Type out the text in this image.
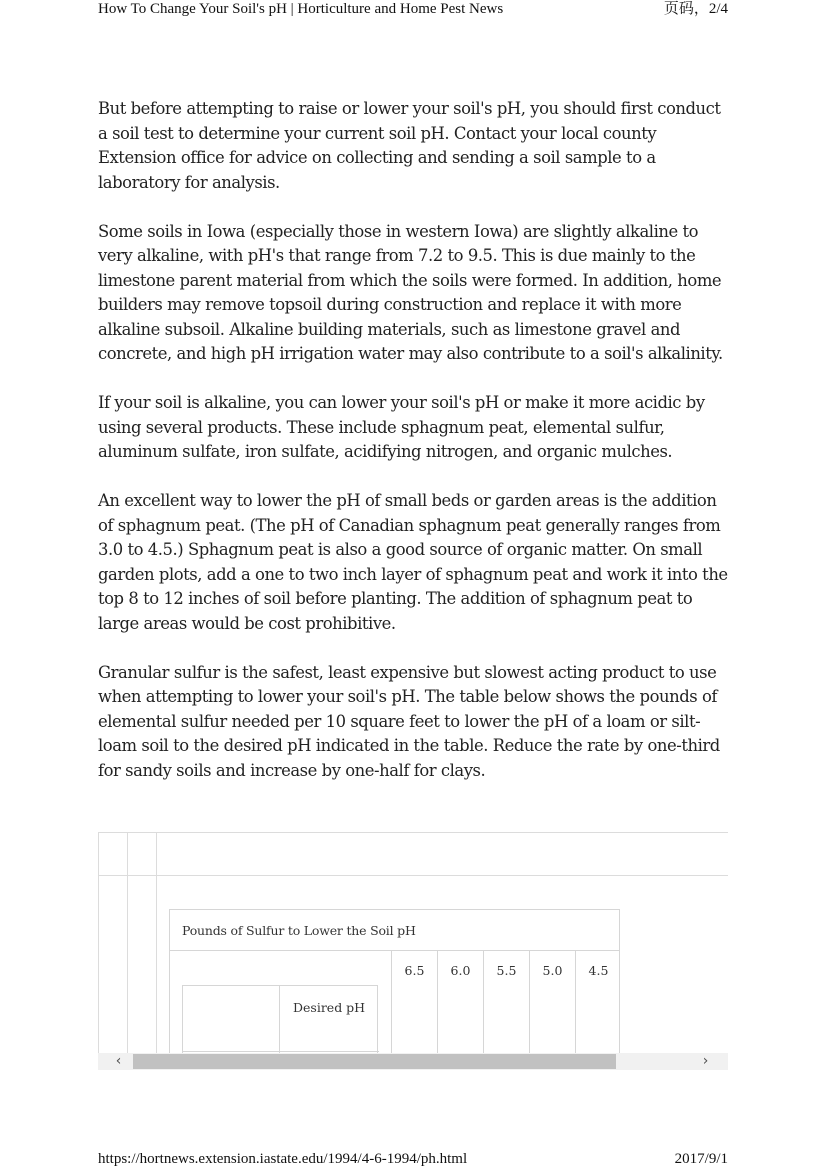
How To Change Your Soil's pH | Horticulture and Home Pest News	页码，2/4

But before attempting to raise or lower your soil's pH, you should first conduct a soil test to determine your current soil pH. Contact your local county Extension office for advice on collecting and sending a soil sample to a laboratory for analysis.

Some soils in Iowa (especially those in western Iowa) are slightly alkaline to very alkaline, with pH's that range from 7.2 to 9.5. This is due mainly to the limestone parent material from which the soils were formed. In addition, home builders may remove topsoil during construction and replace it with more alkaline subsoil. Alkaline building materials, such as limestone gravel and concrete, and high pH irrigation water may also contribute to a soil's alkalinity.

If your soil is alkaline, you can lower your soil's pH or make it more acidic by using several products. These include sphagnum peat, elemental sulfur, aluminum sulfate, iron sulfate, acidifying nitrogen, and organic mulches.

An excellent way to lower the pH of small beds or garden areas is the addition of sphagnum peat. (The pH of Canadian sphagnum peat generally ranges from 3.0 to 4.5.) Sphagnum peat is also a good source of organic matter. On small garden plots, add a one to two inch layer of sphagnum peat and work it into the top 8 to 12 inches of soil before planting. The addition of sphagnum peat to large areas would be cost prohibitive.

Granular sulfur is the safest, least expensive but slowest acting product to use when attempting to lower your soil's pH. The table below shows the pounds of elemental sulfur needed per 10 square feet to lower the pH of a loam or silt-loam soil to the desired pH indicated in the table. Reduce the rate by one-third for sandy soils and increase by one-half for clays.

Pounds of Sulfur to Lower the Soil pH
6.5	6.0	5.5	5.0	4.5
Desired pH
‹	›
https://hortnews.extension.iastate.edu/1994/4-6-1994/ph.html	2017/9/1
